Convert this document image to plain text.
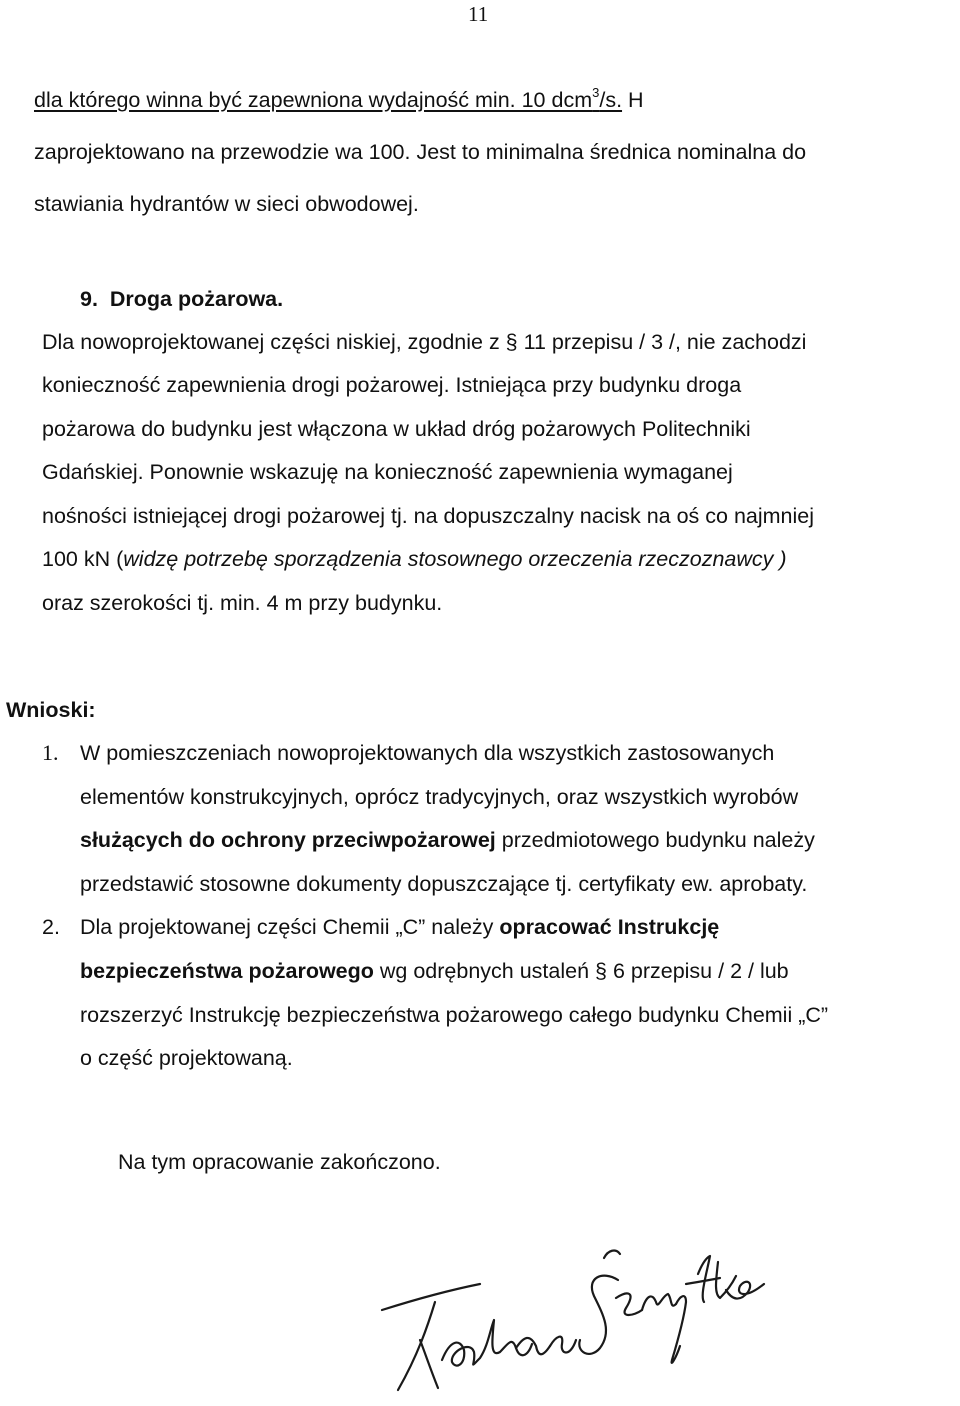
11
dla którego winna być zapewniona wydajność min. 10 dcm$^3$/s. H
zaprojektowano na przewodzie wa 100. Jest to minimalna średnica nominalna do
stawiania hydrantów w sieci obwodowej.
9. Droga pożarowa.
Dla nowoprojektowanej części niskiej, zgodnie z § 11 przepisu / 3 /, nie zachodzi
konieczność zapewnienia drogi pożarowej. Istniejąca przy budynku droga
pożarowa do budynku jest włączona w układ dróg pożarowych Politechniki
Gdańskiej. Ponownie wskazuję na konieczność zapewnienia wymaganej
nośności istniejącej drogi pożarowej tj. na dopuszczalny nacisk na oś co najmniej
100 kN (widzę potrzebę sporządzenia stosownego orzeczenia rzeczoznawcy )
oraz szerokości tj. min. 4 m przy budynku.
Wnioski:
1. W pomieszczeniach nowoprojektowanych dla wszystkich zastosowanych
elementów konstrukcyjnych, oprócz tradycyjnych, oraz wszystkich wyrobów
służących do ochrony przeciwpożarowej przedmiotowego budynku należy
przedstawić stosowne dokumenty dopuszczające tj. certyfikaty ew. aprobaty.
2. Dla projektowanej części Chemii „C” należy opracować Instrukcję
bezpieczeństwa pożarowego wg odrębnych ustaleń § 6 przepisu / 2 / lub
rozszerzyć Instrukcję bezpieczeństwa pożarowego całego budynku Chemii „C”
o część projektowaną.
Na tym opracowanie zakończono.
